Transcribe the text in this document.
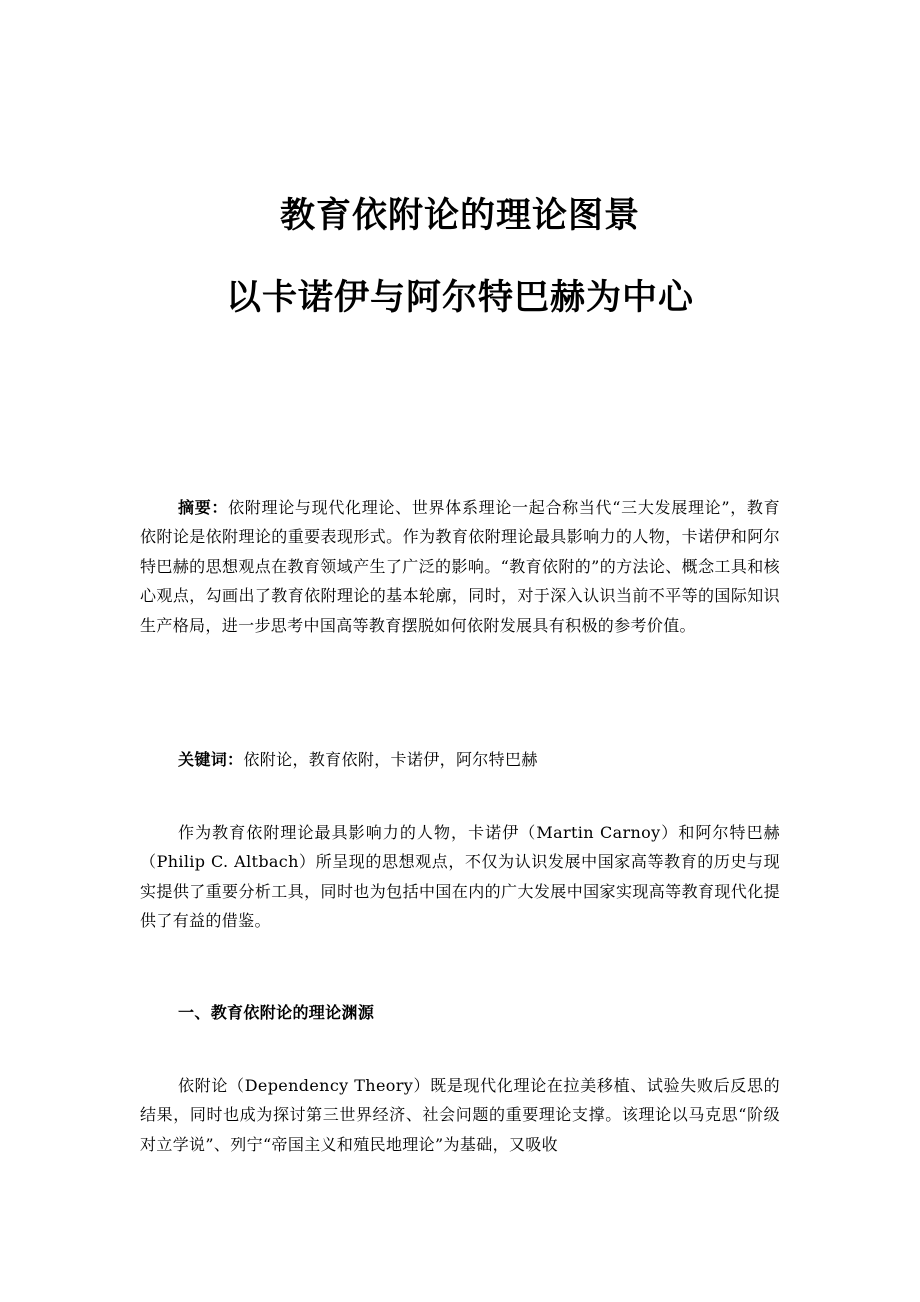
教育依附论的理论图景
以卡诺伊与阿尔特巴赫为中心

摘要：依附理论与现代化理论、世界体系理论一起合称当代“三大发展理论”，教育依附论是依附理论的重要表现形式。作为教育依附理论最具影响力的人物，卡诺伊和阿尔特巴赫的思想观点在教育领域产生了广泛的影响。“教育依附的”的方法论、概念工具和核心观点，勾画出了教育依附理论的基本轮廓，同时，对于深入认识当前不平等的国际知识生产格局，进一步思考中国高等教育摆脱如何依附发展具有积极的参考价值。

关键词：依附论，教育依附，卡诺伊，阿尔特巴赫

作为教育依附理论最具影响力的人物，卡诺伊（Martin Carnoy）和阿尔特巴赫（Philip C. Altbach）所呈现的思想观点，不仅为认识发展中国家高等教育的历史与现实提供了重要分析工具，同时也为包括中国在内的广大发展中国家实现高等教育现代化提供了有益的借鉴。

一、教育依附论的理论渊源

依附论（Dependency Theory）既是现代化理论在拉美移植、试验失败后反思的结果，同时也成为探讨第三世界经济、社会问题的重要理论支撑。该理论以马克思“阶级对立学说”、列宁“帝国主义和殖民地理论”为基础，又吸收
